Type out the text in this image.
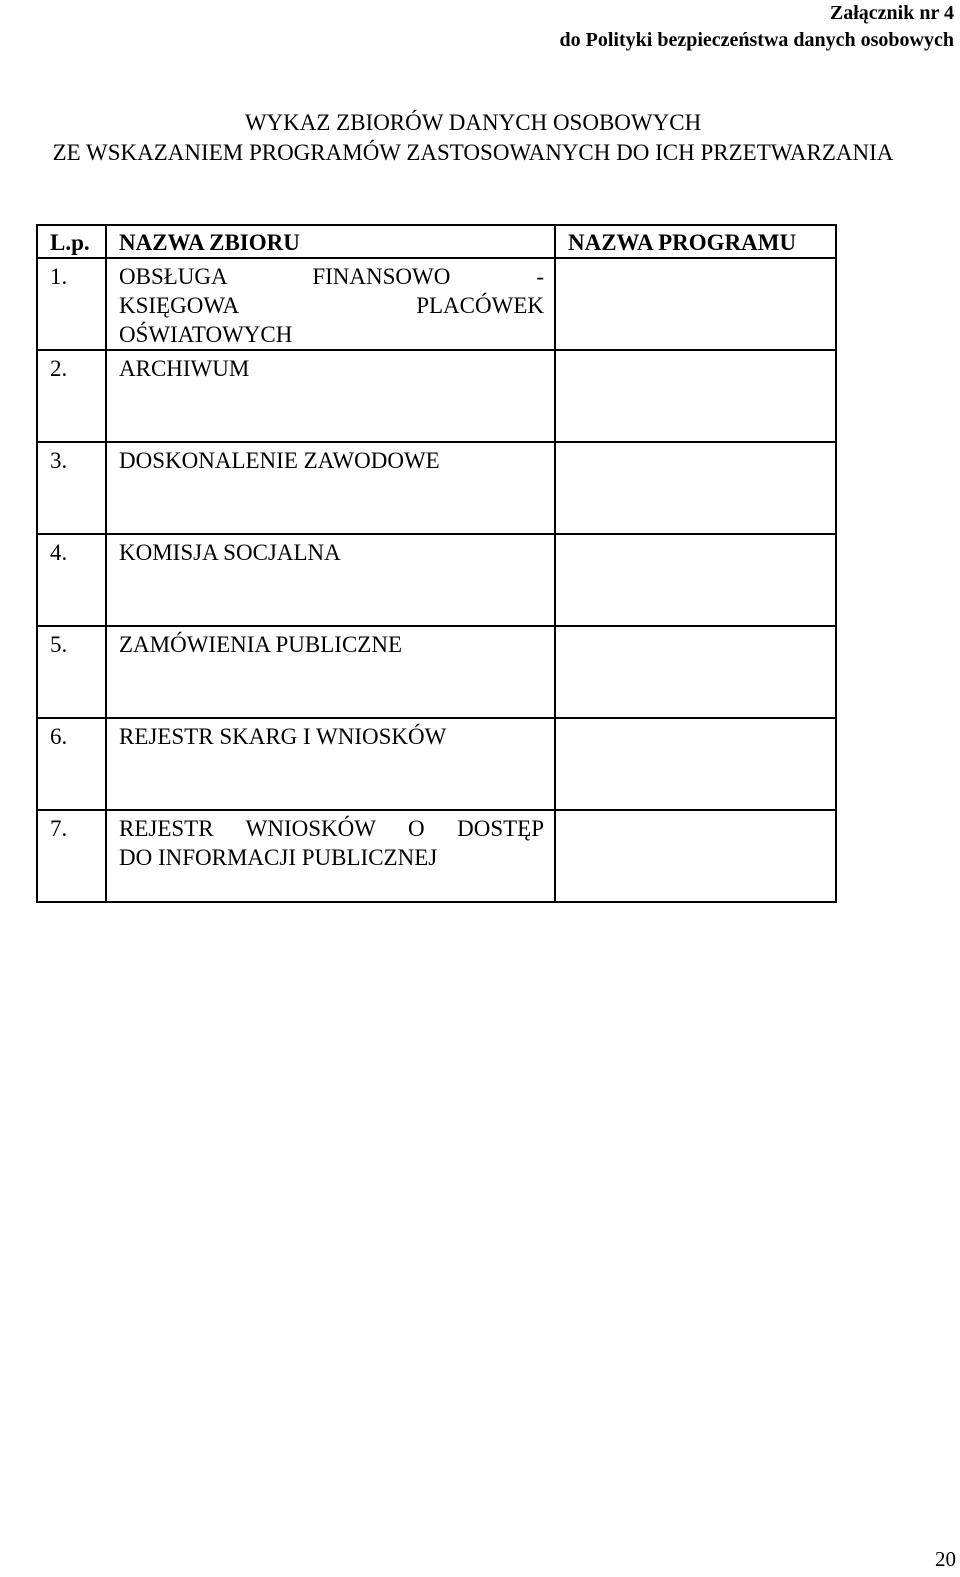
Załącznik nr 4
do Polityki bezpieczeństwa danych osobowych
WYKAZ ZBIORÓW DANYCH OSOBOWYCH
ZE WSKAZANIEM PROGRAMÓW ZASTOSOWANYCH DO ICH PRZETWARZANIA
L.p.	NAZWA ZBIORU	NAZWA PROGRAMU
1.	OBSŁUGA FINANSOWO -
KSIĘGOWA PLACÓWEK
OŚWIATOWYCH	

2.	ARCHIWUM	

3.	DOSKONALENIE ZAWODOWE	

4.	KOMISJA SOCJALNA	

5.	ZAMÓWIENIA PUBLICZNE	

6.	REJESTR SKARG I WNIOSKÓW	

7.	REJESTR WNIOSKÓW O DOSTĘP
DO INFORMACJI PUBLICZNEJ	

20
